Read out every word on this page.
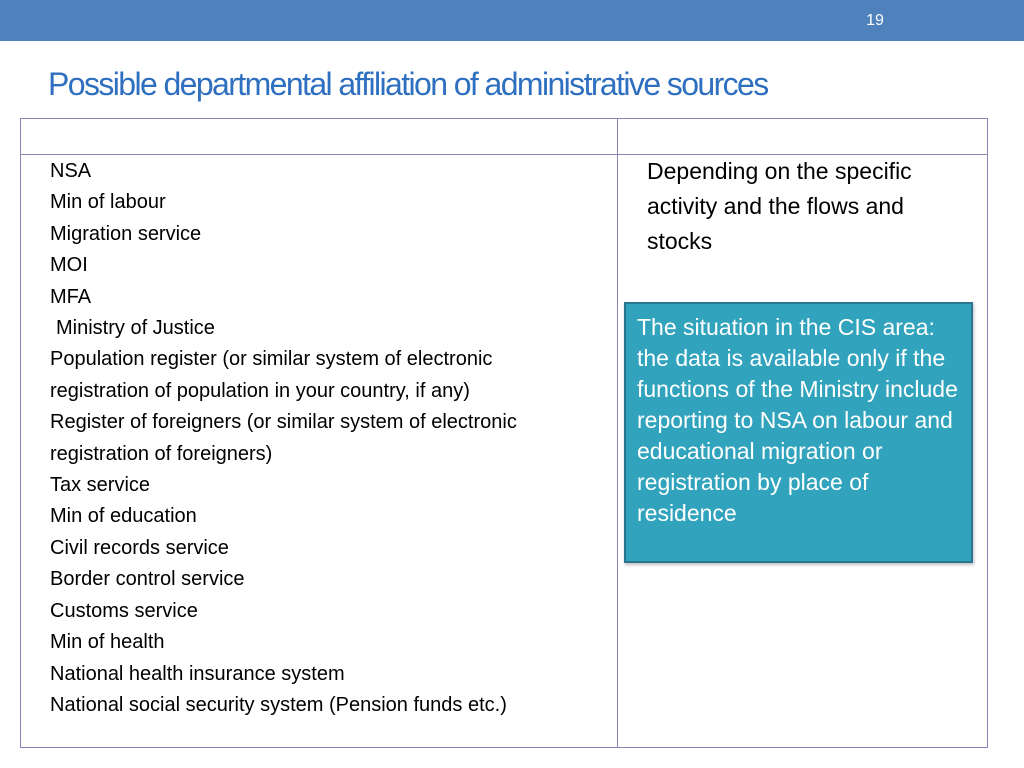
19
Possible departmental affiliation of administrative sources
NSA
Min of labour
Migration service
MOI
MFA
Ministry of Justice
Population register (or similar system of electronic
registration of population in your country, if any)
Register of foreigners (or similar system of electronic
registration of foreigners)
Tax service
Min of education
Civil records service
Border control service
Customs service
Min of health
National health insurance system
National social security system (Pension funds etc.)

Depending on the specific activity and the flows and stocks

The situation in the CIS area: the data is available only if the functions of the Ministry include reporting to NSA on labour and educational migration or registration by place of residence
